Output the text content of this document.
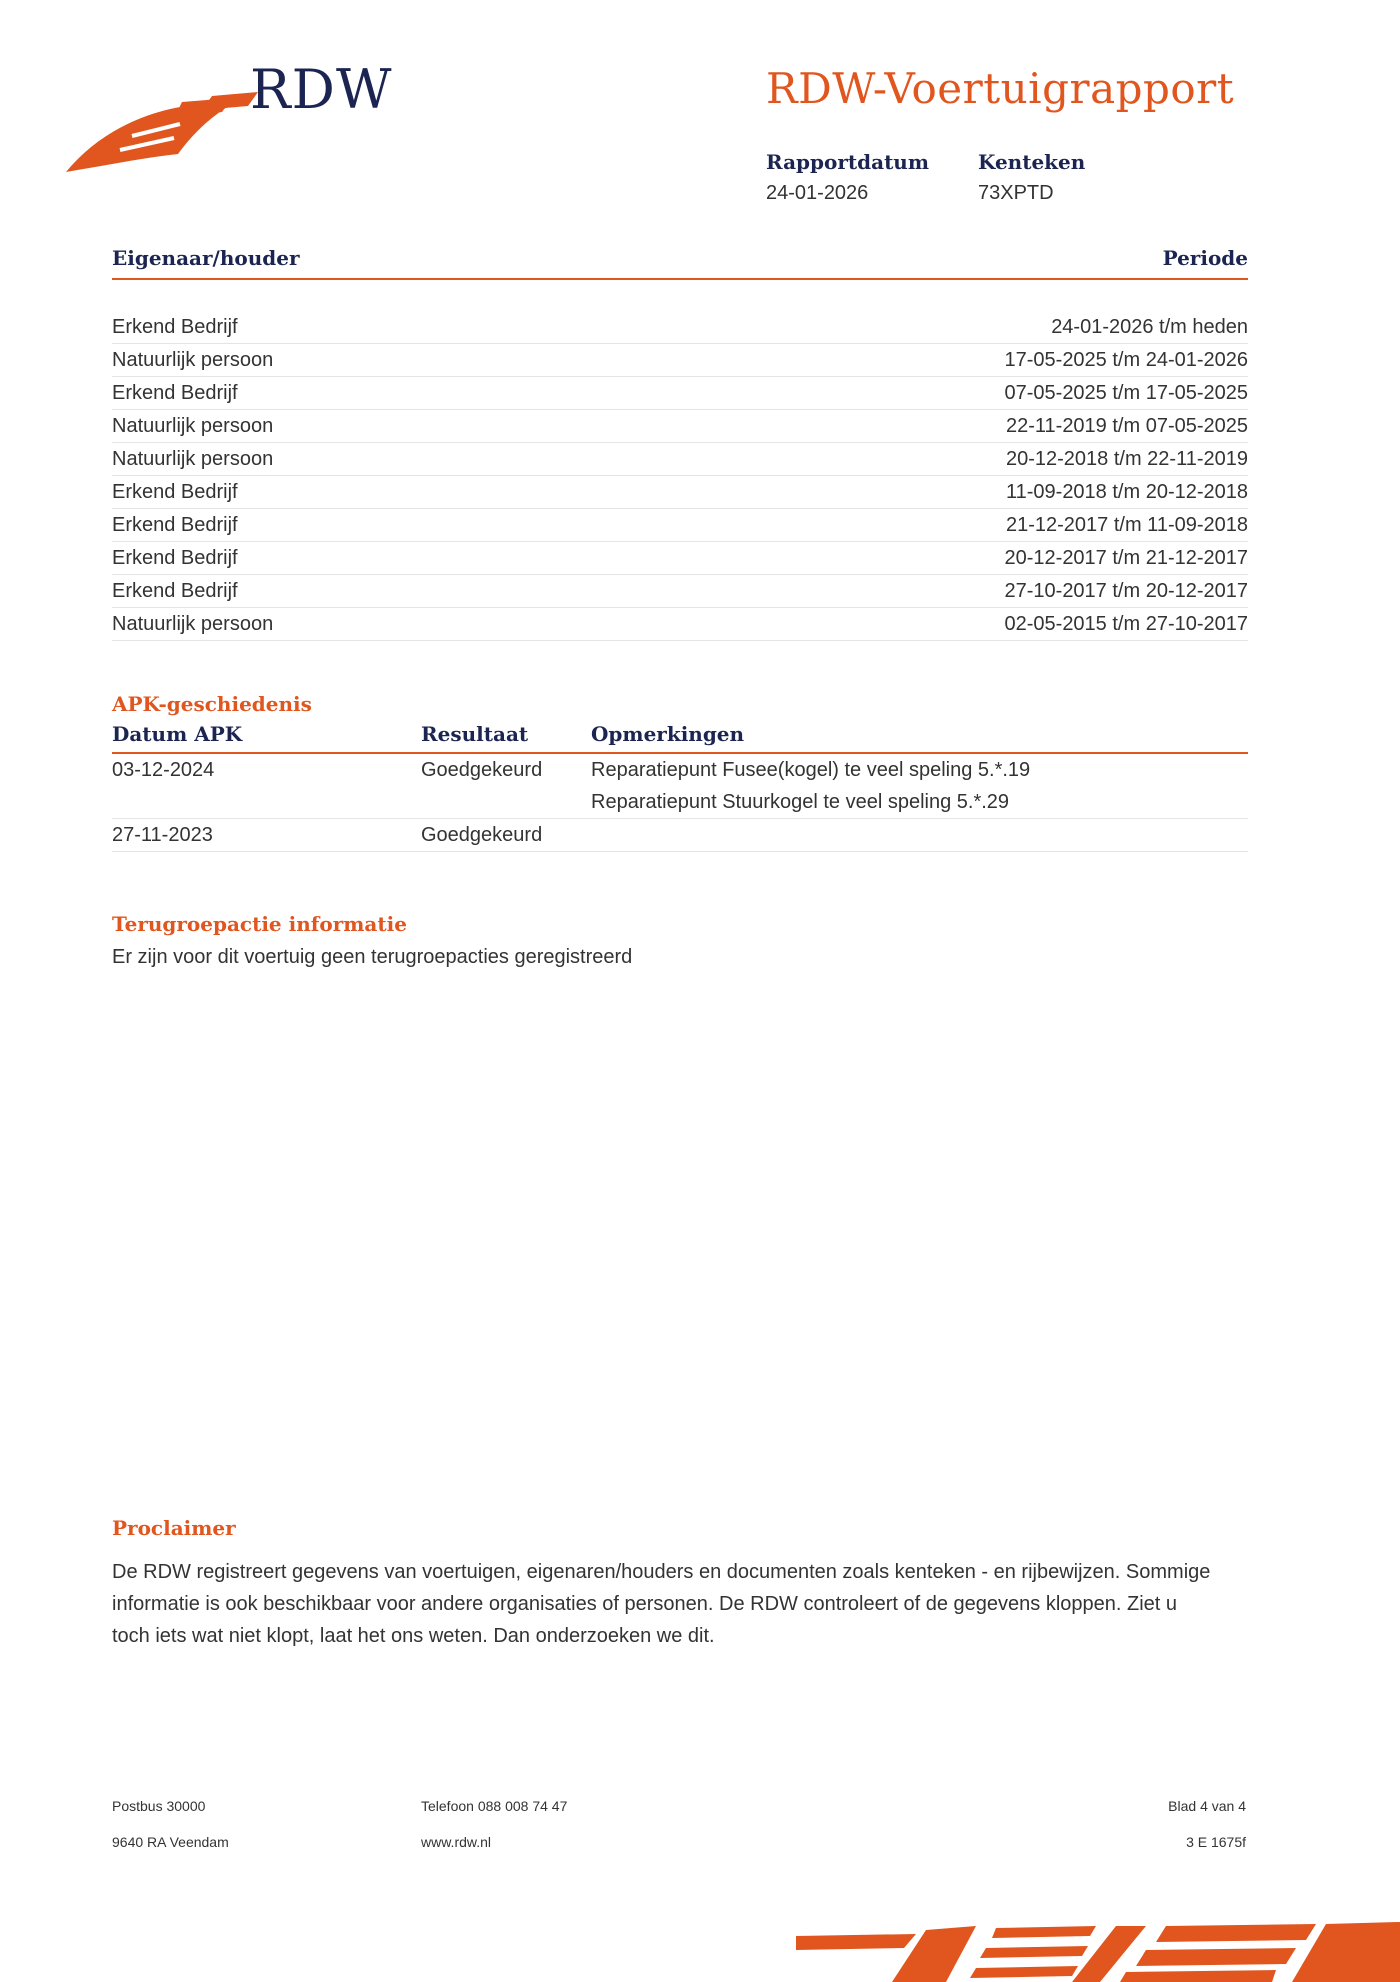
RDW	RDW-Voertuigrapport
Rapportdatum
24-01-2026
Kenteken
73XPTD
Eigenaar/houder	Periode
Erkend Bedrijf	24-01-2026 t/m heden
Natuurlijk persoon	17-05-2025 t/m 24-01-2026
Erkend Bedrijf	07-05-2025 t/m 17-05-2025
Natuurlijk persoon	22-11-2019 t/m 07-05-2025
Natuurlijk persoon	20-12-2018 t/m 22-11-2019
Erkend Bedrijf	11-09-2018 t/m 20-12-2018
Erkend Bedrijf	21-12-2017 t/m 11-09-2018
Erkend Bedrijf	20-12-2017 t/m 21-12-2017
Erkend Bedrijf	27-10-2017 t/m 20-12-2017
Natuurlijk persoon	02-05-2015 t/m 27-10-2017
APK-geschiedenis
Datum APK	Resultaat	Opmerkingen
03-12-2024	Goedgekeurd	Reparatiepunt Fusee(kogel) te veel speling 5.*.19
Reparatiepunt Stuurkogel te veel speling 5.*.29
27-11-2023	Goedgekeurd
Terugroepactie informatie
Er zijn voor dit voertuig geen terugroepacties geregistreerd
Proclaimer
De RDW registreert gegevens van voertuigen, eigenaren/houders en documenten zoals kenteken - en rijbewijzen. Sommige informatie is ook beschikbaar voor andere organisaties of personen. De RDW controleert of de gegevens kloppen. Ziet u toch iets wat niet klopt, laat het ons weten. Dan onderzoeken we dit.
Postbus 30000
9640 RA Veendam
Telefoon 088 008 74 47
www.rdw.nl
Blad 4 van 4
3 E 1675f
